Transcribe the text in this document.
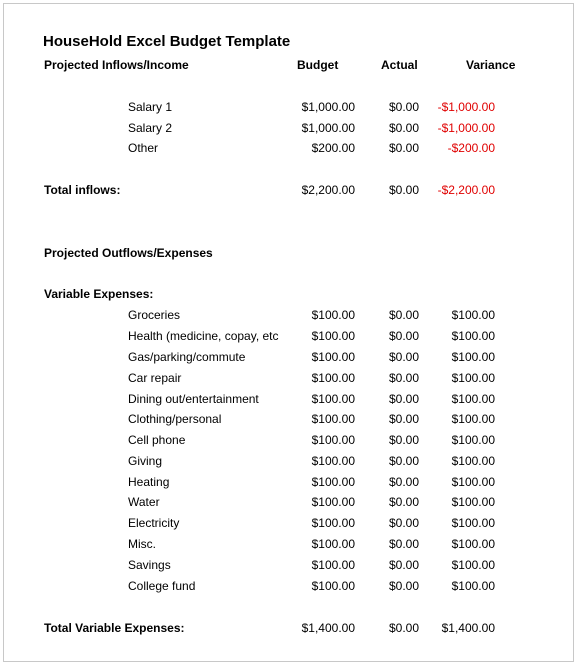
HouseHold Excel Budget Template
Projected Inflows/Income	Budget	Actual	Variance
Salary 1	$1,000.00	$0.00 -$1,000.00
Salary 2	$1,000.00	$0.00 -$1,000.00
Other	$200.00	$0.00 -$200.00
Total inflows:	$2,200.00	$0.00 -$2,200.00
Projected Outflows/Expenses
Variable Expenses:
Groceries	$100.00	$0.00	$100.00
Health (medicine, copay, etc	$100.00	$0.00	$100.00
Gas/parking/commute	$100.00	$0.00	$100.00
Car repair	$100.00	$0.00	$100.00
Dining out/entertainment	$100.00	$0.00	$100.00
Clothing/personal	$100.00	$0.00	$100.00
Cell phone	$100.00	$0.00	$100.00
Giving	$100.00	$0.00	$100.00
Heating	$100.00	$0.00	$100.00
Water	$100.00	$0.00	$100.00
Electricity	$100.00	$0.00	$100.00
Misc.	$100.00	$0.00	$100.00
Savings	$100.00	$0.00	$100.00
College fund	$100.00	$0.00	$100.00
Total Variable Expenses:	$1,400.00	$0.00 $1,400.00
